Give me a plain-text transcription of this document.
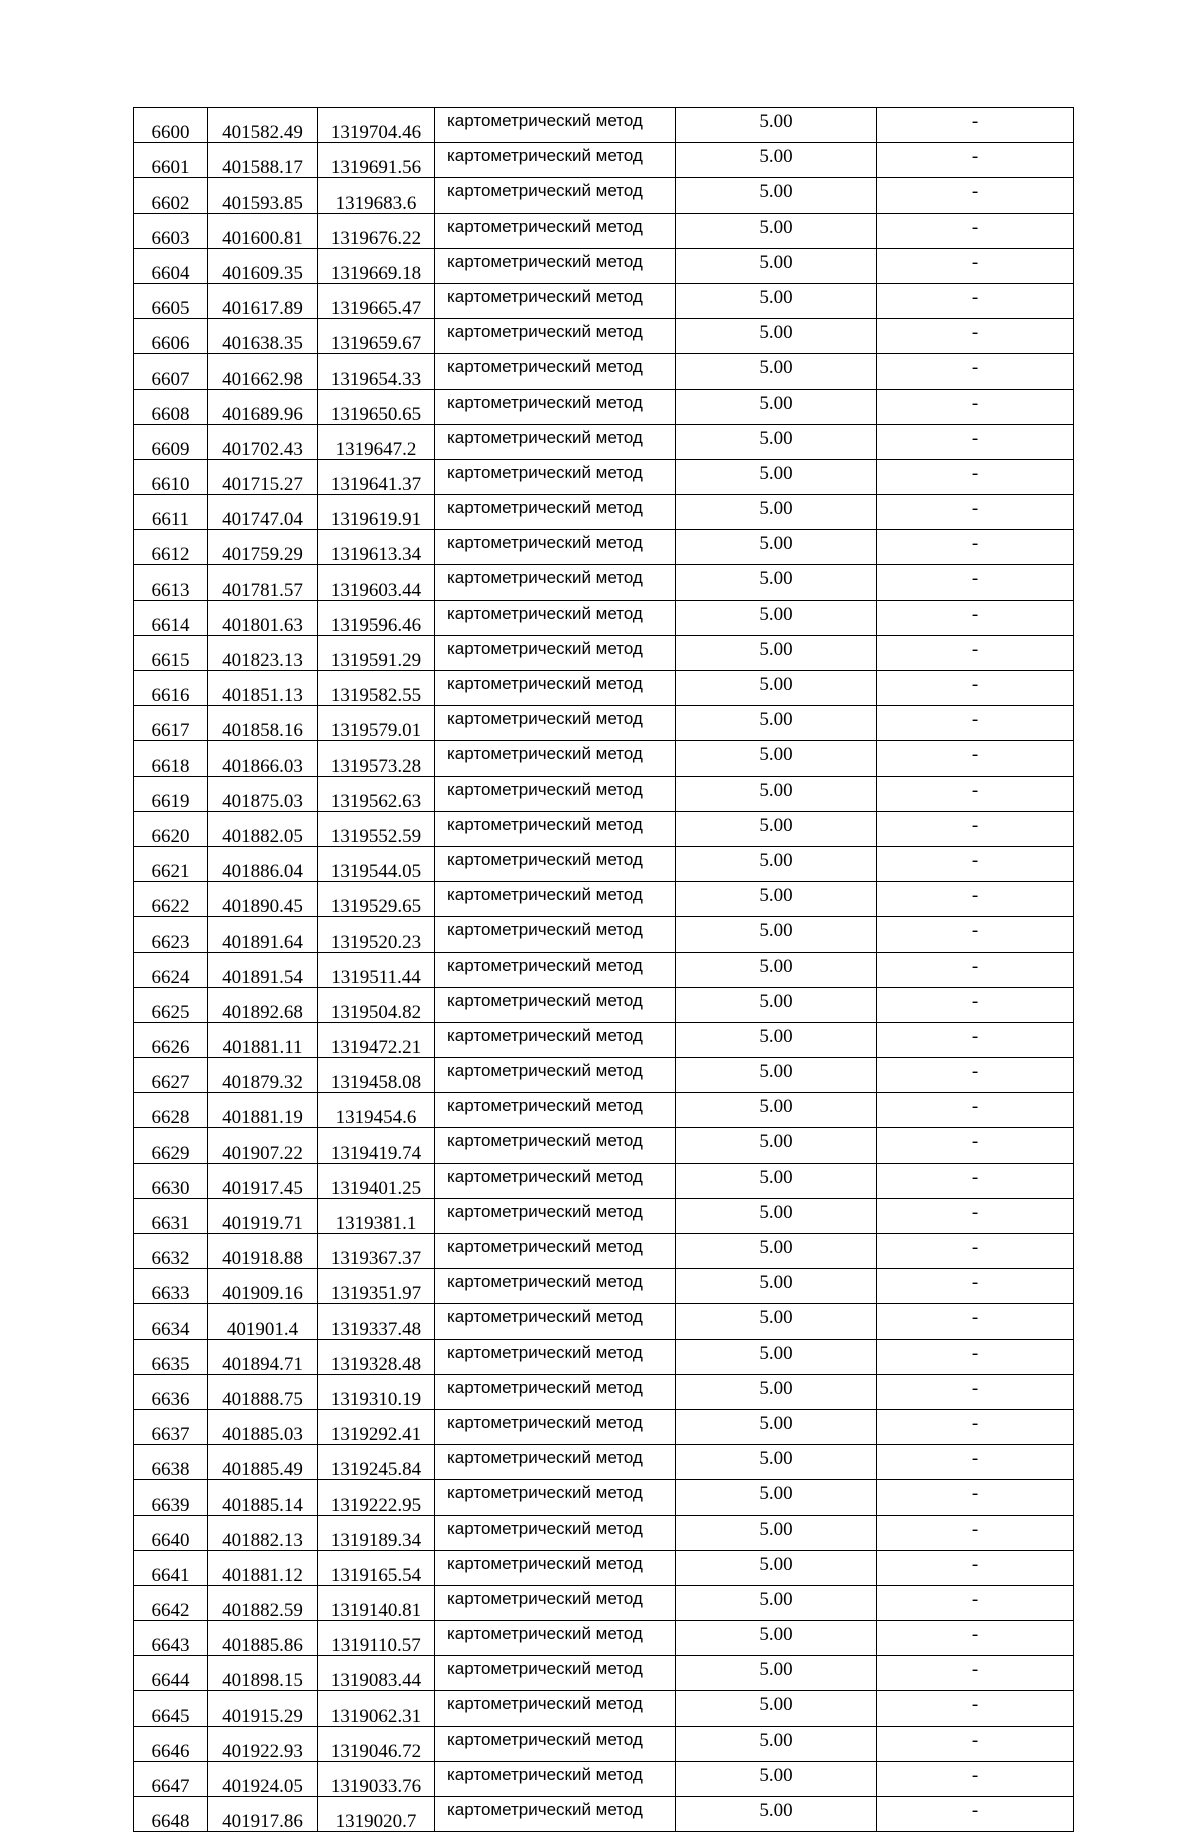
6600	401582.49	1319704.46	картометрический метод	5.00	-
6601	401588.17	1319691.56	картометрический метод	5.00	-
6602	401593.85	1319683.6	картометрический метод	5.00	-
6603	401600.81	1319676.22	картометрический метод	5.00	-
6604	401609.35	1319669.18	картометрический метод	5.00	-
6605	401617.89	1319665.47	картометрический метод	5.00	-
6606	401638.35	1319659.67	картометрический метод	5.00	-
6607	401662.98	1319654.33	картометрический метод	5.00	-
6608	401689.96	1319650.65	картометрический метод	5.00	-
6609	401702.43	1319647.2	картометрический метод	5.00	-
6610	401715.27	1319641.37	картометрический метод	5.00	-
6611	401747.04	1319619.91	картометрический метод	5.00	-
6612	401759.29	1319613.34	картометрический метод	5.00	-
6613	401781.57	1319603.44	картометрический метод	5.00	-
6614	401801.63	1319596.46	картометрический метод	5.00	-
6615	401823.13	1319591.29	картометрический метод	5.00	-
6616	401851.13	1319582.55	картометрический метод	5.00	-
6617	401858.16	1319579.01	картометрический метод	5.00	-
6618	401866.03	1319573.28	картометрический метод	5.00	-
6619	401875.03	1319562.63	картометрический метод	5.00	-
6620	401882.05	1319552.59	картометрический метод	5.00	-
6621	401886.04	1319544.05	картометрический метод	5.00	-
6622	401890.45	1319529.65	картометрический метод	5.00	-
6623	401891.64	1319520.23	картометрический метод	5.00	-
6624	401891.54	1319511.44	картометрический метод	5.00	-
6625	401892.68	1319504.82	картометрический метод	5.00	-
6626	401881.11	1319472.21	картометрический метод	5.00	-
6627	401879.32	1319458.08	картометрический метод	5.00	-
6628	401881.19	1319454.6	картометрический метод	5.00	-
6629	401907.22	1319419.74	картометрический метод	5.00	-
6630	401917.45	1319401.25	картометрический метод	5.00	-
6631	401919.71	1319381.1	картометрический метод	5.00	-
6632	401918.88	1319367.37	картометрический метод	5.00	-
6633	401909.16	1319351.97	картометрический метод	5.00	-
6634	401901.4	1319337.48	картометрический метод	5.00	-
6635	401894.71	1319328.48	картометрический метод	5.00	-
6636	401888.75	1319310.19	картометрический метод	5.00	-
6637	401885.03	1319292.41	картометрический метод	5.00	-
6638	401885.49	1319245.84	картометрический метод	5.00	-
6639	401885.14	1319222.95	картометрический метод	5.00	-
6640	401882.13	1319189.34	картометрический метод	5.00	-
6641	401881.12	1319165.54	картометрический метод	5.00	-
6642	401882.59	1319140.81	картометрический метод	5.00	-
6643	401885.86	1319110.57	картометрический метод	5.00	-
6644	401898.15	1319083.44	картометрический метод	5.00	-
6645	401915.29	1319062.31	картометрический метод	5.00	-
6646	401922.93	1319046.72	картометрический метод	5.00	-
6647	401924.05	1319033.76	картометрический метод	5.00	-
6648	401917.86	1319020.7	картометрический метод	5.00	-
